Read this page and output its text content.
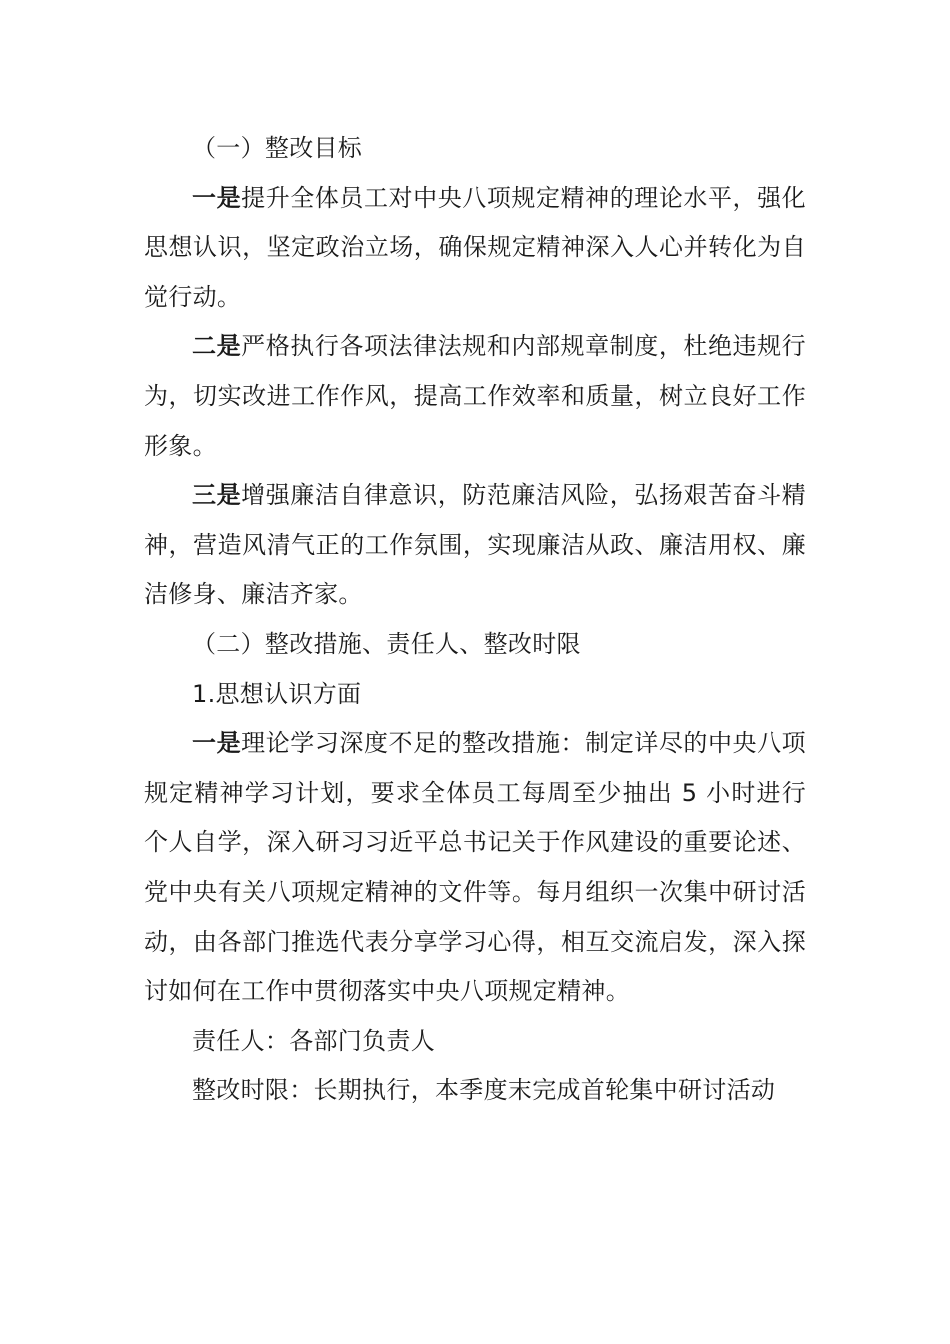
（一）整改目标

一是提升全体员工对中央八项规定精神的理论水平，强化思想认识，坚定政治立场，确保规定精神深入人心并转化为自觉行动。

二是严格执行各项法律法规和内部规章制度，杜绝违规行为，切实改进工作作风，提高工作效率和质量，树立良好工作形象。

三是增强廉洁自律意识，防范廉洁风险，弘扬艰苦奋斗精神，营造风清气正的工作氛围，实现廉洁从政、廉洁用权、廉洁修身、廉洁齐家。

（二）整改措施、责任人、整改时限

1.思想认识方面

一是理论学习深度不足的整改措施：制定详尽的中央八项规定精神学习计划，要求全体员工每周至少抽出 5 小时进行个人自学，深入研习习近平总书记关于作风建设的重要论述、党中央有关八项规定精神的文件等。每月组织一次集中研讨活动，由各部门推选代表分享学习心得，相互交流启发，深入探讨如何在工作中贯彻落实中央八项规定精神。

责任人：各部门负责人

整改时限：长期执行，本季度末完成首轮集中研讨活动
